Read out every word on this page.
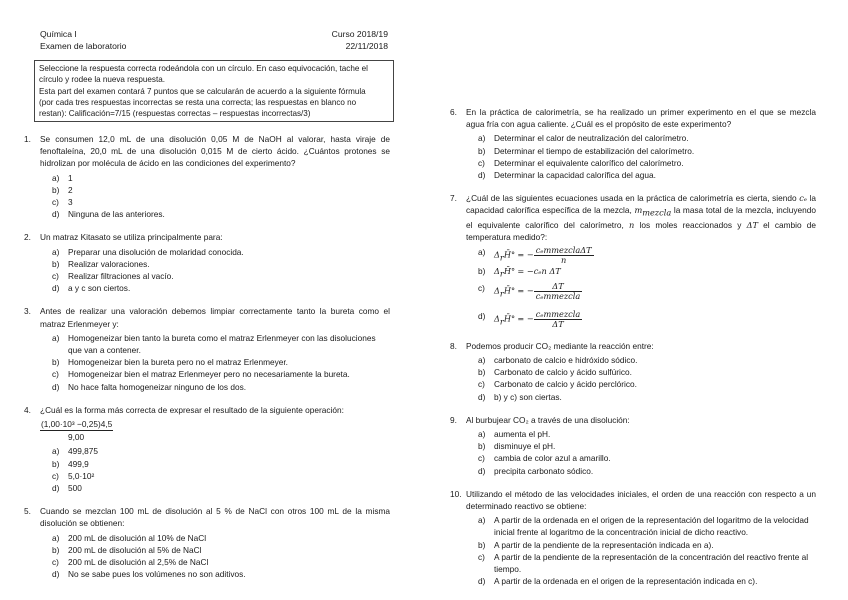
Química I
Examen de laboratorio
Curso 2018/19
22/11/2018
Seleccione la respuesta correcta rodeándola con un círculo. En caso equivocación, tache el
círculo y rodee la nueva respuesta.
Esta part del examen contará 7 puntos que se calcularán de acuerdo a la siguiente fórmula
(por cada tres respuestas incorrectas se resta una correcta; las respuestas en blanco no
restan): Calificación=7/15 (respuestas correctas – respuestas incorrectas/3)
1. Se consumen 12,0 mL de una disolución 0,05 M de NaOH al valorar, hasta viraje de fenoftaleína, 20,0 mL de una disolución 0,015 M de cierto ácido. ¿Cuántos protones se hidrolizan por molécula de ácido en las condiciones del experimento?
a) 1
b) 2
c) 3
d) Ninguna de las anteriores.
2. Un matraz Kitasato se utiliza principalmente para:
a) Preparar una disolución de molaridad conocida.
b) Realizar valoraciones.
c) Realizar filtraciones al vacío.
d) a y c son ciertos.
3. Antes de realizar una valoración debemos limpiar correctamente tanto la bureta como el matraz Erlenmeyer y:
a) Homogeneizar bien tanto la bureta como el matraz Erlenmeyer con las disoluciones que van a contener.
b) Homogeneizar bien la bureta pero no el matraz Erlenmeyer.
c) Homogeneizar bien el matraz Erlenmeyer pero no necesariamente la bureta.
d) No hace falta homogeneizar ninguno de los dos.
4. ¿Cuál es la forma más correcta de expresar el resultado de la siguiente operación:
(1,00·10³ −0,25)4,5
9,00
a) 499,875
b) 499,9
c) 5,0·10²
d) 500
5. Cuando se mezclan 100 mL de disolución al 5 % de NaCl con otros 100 mL de la misma disolución se obtienen:
a) 200 mL de disolución al 10% de NaCl
b) 200 mL de disolución al 5% de NaCl
c) 200 mL de disolución al 2,5% de NaCl
d) No se sabe pues los volúmenes no son aditivos.
6. En la práctica de calorimetría, se ha realizado un primer experimento en el que se mezcla agua fría con agua caliente. ¿Cuál es el propósito de este experimento?
a) Determinar el calor de neutralización del calorímetro.
b) Determinar el tiempo de estabilización del calorímetro.
c) Determinar el equivalente calorífico del calorímetro.
d) Determinar la capacidad calorífica del agua.
7. ¿Cuál de las siguientes ecuaciones usada en la práctica de calorimetría es cierta, siendo cₑ la capacidad calorífica específica de la mezcla, $m_{mezcla}$ la masa total de la mezcla, incluyendo el equivalente calorífico del calorímetro, n los moles reaccionados y ΔT el cambio de temperatura medido?:
a) $\Delta_rH̄^\circ$ = − $\frac{\text{cₑmmezclaΔT}}{n}$
b) $\Delta_rH̄^\circ = -c_en$ ΔT
c) $\Delta_rH̄^\circ$ = − $\frac{\Delta T}{\text{cₑmmezcla}}$
d) $\Delta_rH̄^\circ$ = − $\frac{\text{cₑmmezcla}}{\Delta T}$
8. Podemos producir CO₂ mediante la reacción entre:
a) carbonato de calcio e hidróxido sódico.
b) Carbonato de calcio y ácido sulfúrico.
c) Carbonato de calcio y ácido perclórico.
d) b) y c) son ciertas.
9. Al burbujear CO₂ a través de una disolución:
a) aumenta el pH.
b) disminuye el pH.
c) cambia de color azul a amarillo.
d) precipita carbonato sódico.
10. Utilizando el método de las velocidades iniciales, el orden de una reacción con respecto a un determinado reactivo se obtiene:
a) A partir de la ordenada en el origen de la representación del logaritmo de la velocidad inicial frente al logaritmo de la concentración inicial de dicho reactivo.
b) A partir de la pendiente de la representación indicada en a).
c) A partir de la pendiente de la representación de la concentración del reactivo frente al tiempo.
d) A partir de la ordenada en el origen de la representación indicada en c).
